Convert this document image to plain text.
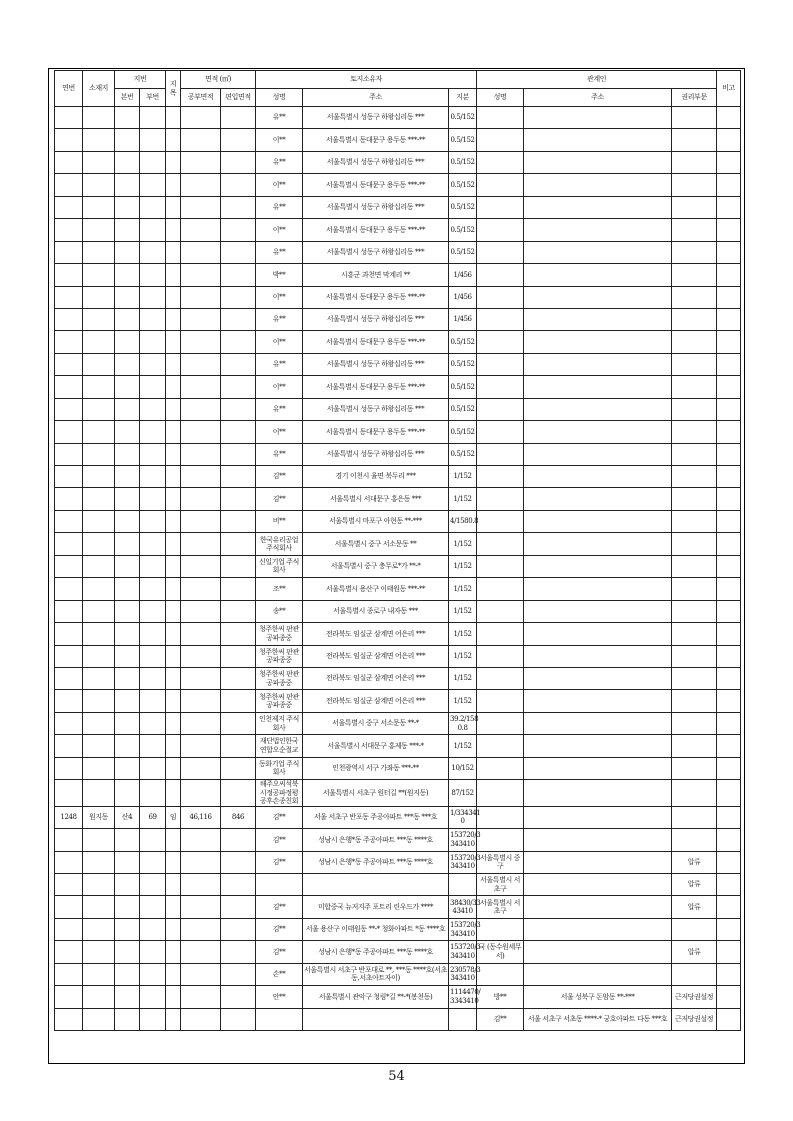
연번	소재지	지번		지목	면적 (㎡)		토지소유자			관계인			비고
		본번	부번		공부면적	편입면적	성명	주소	지분	성명	주소	권리부문	
							유**	서울특별시 성동구 하왕십리동 ***	0.5/152				
							이**	서울특별시 동대문구 용두동 ***-**	0.5/152				
							유**	서울특별시 성동구 하왕십리동 ***	0.5/152				
							이**	서울특별시 동대문구 용두동 ***-**	0.5/152				
							유**	서울특별시 성동구 하왕십리동 ***	0.5/152				
							이**	서울특별시 동대문구 용두동 ***-**	0.5/152				
							유**	서울특별시 성동구 하왕십리동 ***	0.5/152				
							박**	시흥군 과천면 막계리 **	1/456				
							이**	서울특별시 동대문구 용두동 ***-**	1/456				
							유**	서울특별시 성동구 하왕십리동 ***	1/456				
							이**	서울특별시 동대문구 용두동 ***-**	0.5/152				
							유**	서울특별시 성동구 하왕십리동 ***	0.5/152				
							이**	서울특별시 동대문구 용두동 ***-**	0.5/152				
							유**	서울특별시 성동구 하왕십리동 ***	0.5/152				
							이**	서울특별시 동대문구 용두동 ***-**	0.5/152				
							유**	서울특별시 성동구 하왕십리동 ***	0.5/152				
							김**	경기 이천시 율면 북두리 ***	1/152				
							김**	서울특별시 서대문구 홍은동 ***	1/152				
							비**	서울특별시 마포구 아현동 **-***	4/1580.8				
							한국유리공업 주식회사	서울특별시 중구 서소문동 **	1/152				
							신일기업 주식회사	서울특별시 중구 충무로*가 **-*	1/152				
							조**	서울특별시 용산구 이태원동 ***-**	1/152				
							송**	서울특별시 종로구 내자동 ***	1/152				
							청주한씨 판관공파종중	전라북도 임실군 삼계면 어은리 ***	1/152				
							청주한씨 판관공파종중	전라북도 임실군 삼계면 어은리 ***	1/152				
							청주한씨 판관공파종중	전라북도 임실군 삼계면 어은리 ***	1/152				
							청주한씨 판관공파종중	전라북도 임실군 삼계면 어은리 ***	1/152				
							인천제지 주식회사	서울특별시 중구 서소문동 **-*	39.2/158 0.8				
							재단법인한국 연합오순절교	서울특별시 서대문구 홍제동 ***-*	1/152				
							동화기업 주식회사	인천광역시 서구 가좌동 ***-**	10/152				
							해주오씨석북 시정공파정평 공후손종친회	서울특별시 서초구 원터길 **(원지동)	87/152				
1248	원지동	산4	69	임	46,116	846	김**	서울 서초구 반포동 주공아파트 ***동 ***호	1/334341 0				
							김**	성남시 은행*동 주공아파트 ***동 ****호	153720/3 343410				
							김**	성남시 은행*동 주공아파트 ***동 ****호	153720/3 343410	서울특별시 중구		압류	
										서울특별시 서초구		압류	
							김**	미합중국 뉴저지주 포트리 린우드가 ****	38430/33 43410	서울특별시 서초구		압류	
							김**	서울 용산구 이태원동 **-* 청화아파트 *동 ****호	153720/3 343410				
							김**	성남시 은행*동 주공아파트 ***동 ****호	153720/3 343410	국 (동수원세무서)		압류	
							손**	서울특별시 서초구 반포대로 **, ***동 ****호(서초동,서초아트자이)	230578/3 343410				
							안**	서울특별시 관악구 청림*길 **-*(봉천동)	1114470/ 3343410	방**	서울 성북구 돈암동 **-***	근저당권설정	
										김**	서울 서초구 서초동 ****-* 궁호아파트 다동 ***호	근저당권설정	
54
